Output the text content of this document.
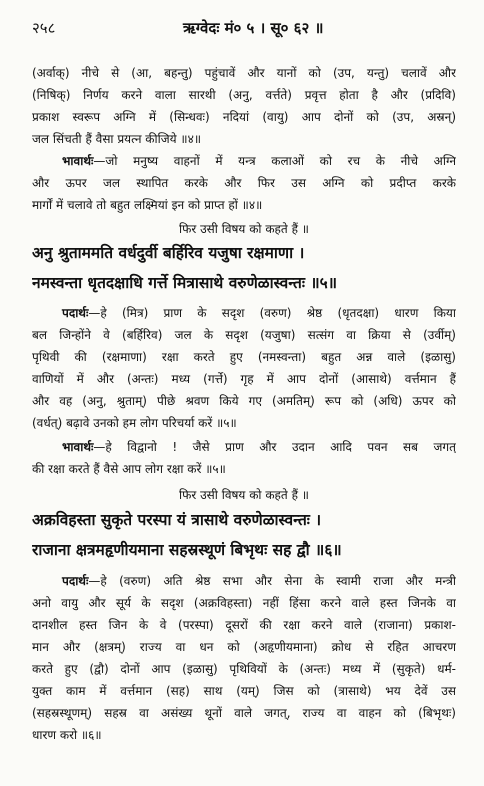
२५८	ऋग्वेदः मं० ५ । सू० ६२ ॥
(अर्वाक्) नीचे से (आ, बहन्तु) पहुंचावें और यानों को (उप, यन्तु) चलावें और
(निषिक्) निर्णय करने वाला सारथी (अनु, वर्त्तते) प्रवृत्त होता है और (प्रदिवि)
प्रकाश स्वरूप अग्नि में (सिन्धवः) नदियां (वायु) आप दोनों को (उप, अस्रन्)
जल सिंचती हैं वैसा प्रयत्न कीजिये ॥४॥
भावार्थः—जो मनुष्य वाहनों में यन्त्र कलाओं को रच के नीचे अग्नि
और ऊपर जल स्थापित करके और फिर उस अग्नि को प्रदीप्त करके
मार्गों में चलावे तो बहुत लक्ष्मियां इन को प्राप्त हों ॥४॥
फिर उसी विषय को कहते हैं ॥
अनु श्रुताममति वर्धदुर्वी बर्हिरिव यजुषा रक्षमाणा ।
नमस्वन्ता धृतदक्षाधि गर्त्ते मित्रासाथे वरुणेळास्वन्तः ॥५॥
पदार्थः—हे (मित्र) प्राण के सदृश (वरुण) श्रेष्ठ (धृतदक्षा) धारण किया
बल जिन्होंने वे (बर्हिरिव) जल के सदृश (यजुषा) सत्संग वा क्रिया से (उर्वीम्)
पृथिवी की (रक्षमाणा) रक्षा करते हुए (नमस्वन्ता) बहुत अन्न वाले (इळासु)
वाणियों में और (अन्तः) मध्य (गर्त्ते) गृह में आप दोनों (आसाथे) वर्त्तमान हैं
और वह (अनु, श्रुताम्) पीछे श्रवण किये गए (अमतिम्) रूप को (अधि) ऊपर को
(वर्धत्) बढ़ावे उनको हम लोग परिचर्या करें ॥५॥
भावार्थः—हे विद्वानो ! जैसे प्राण और उदान आदि पवन सब जगत्
की रक्षा करते हैं वैसे आप लोग रक्षा करें ॥५॥
फिर उसी विषय को कहते हैं ॥
अक्रविहस्ता सुकृते परस्पा यं त्रासाथे वरुणेळास्वन्तः ।
राजाना क्षत्रमहृणीयमाना सहस्रस्थूणं बिभृथः सह द्वौ ॥६॥
पदार्थः—हे (वरुण) अति श्रेष्ठ सभा और सेना के स्वामी राजा और मन्त्री
अनो वायु और सूर्य के सदृश (अक्रविहस्ता) नहीं हिंसा करने वाले हस्त जिनके वा
दानशील हस्त जिन के वे (परस्पा) दूसरों की रक्षा करने वाले (राजाना) प्रकाश-
मान और (क्षत्रम्) राज्य वा धन को (अहृणीयमाना) क्रोध से रहित आचरण
करते हुए (द्वौ) दोनों आप (इळासु) पृथिवियों के (अन्तः) मध्य में (सुकृते) धर्म-
युक्त काम में वर्त्तमान (सह) साथ (यम्) जिस को (त्रासाथे) भय देवें उस
(सहस्रस्थूणम्) सहस्र वा असंख्य थूनों वाले जगत्, राज्य वा वाहन को (बिभृथः)
धारण करो ॥६॥
